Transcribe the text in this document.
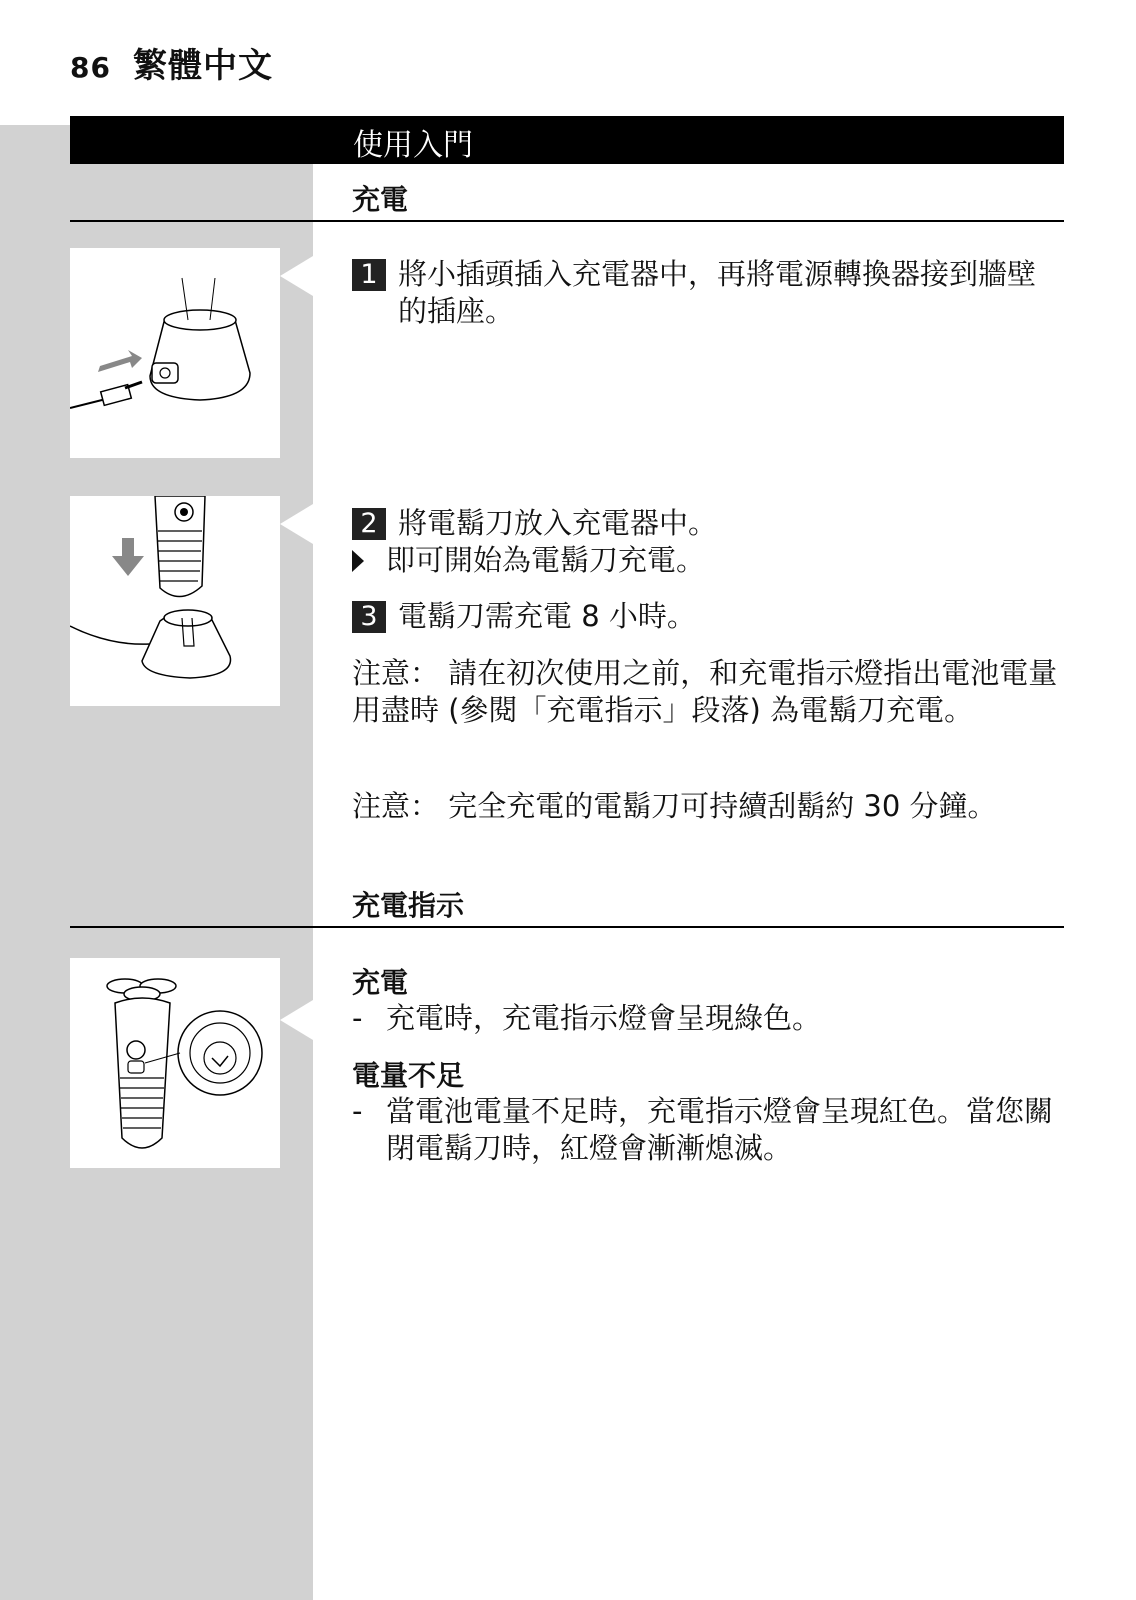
86 繁體中文
使用入門
充電
1 將小插頭插入充電器中，再將電源轉換器接到牆壁的插座。
2 將電鬍刀放入充電器中。
即可開始為電鬍刀充電。
3 電鬍刀需充電 8 小時。
注意： 請在初次使用之前，和充電指示燈指出電池電量用盡時 (參閱「充電指示」段落) 為電鬍刀充電。
注意： 完全充電的電鬍刀可持續刮鬍約 30 分鐘。
充電指示
充電
- 充電時，充電指示燈會呈現綠色。
電量不足
- 當電池電量不足時，充電指示燈會呈現紅色。當您關閉電鬍刀時，紅燈會漸漸熄滅。
